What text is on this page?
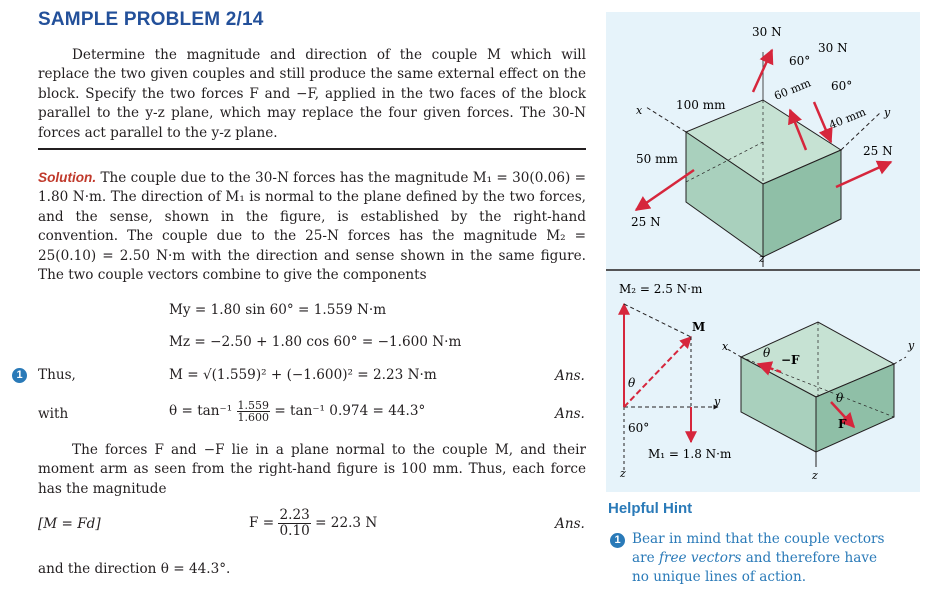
SAMPLE PROBLEM 2/14
Determine the magnitude and direction of the couple M which will replace the two given couples and still produce the same external effect on the block. Specify the two forces F and −F, applied in the two faces of the block parallel to the y-z plane, which may replace the four given forces. The 30-N forces act parallel to the y-z plane.
Solution. The couple due to the 30-N forces has the magnitude M₁ = 30(0.06) = 1.80 N·m. The direction of M₁ is normal to the plane defined by the two forces, and the sense, shown in the figure, is established by the right-hand convention. The couple due to the 25-N forces has the magnitude M₂ = 25(0.10) = 2.50 N·m with the direction and sense shown in the same figure. The two couple vectors combine to give the components
My = 1.80 sin 60° = 1.559 N·m
Mz = −2.50 + 1.80 cos 60° = −1.600 N·m
1	Thus,	M = √(1.559)² + (−1.600)² = 2.23 N·m	Ans.
with	$\theta = \tan^{-1} \frac{1.559}{1.600} = \tan^{-1}$ 0.974 = 44.3°	Ans.
The forces F and −F lie in a plane normal to the couple M, and their moment arm as seen from the right-hand figure is 100 mm. Thus, each force has the magnitude
[M = Fd]	$F = \frac{2.23}{0.10} = 22.3$ N	Ans.
and the direction θ = 44.3°.
30 N
30 N
60°
60°
60 mm
100 mm
40 mm
50 mm
25 N
25 N
x	y
z
M₂ = 2.5 N·m
M
θ
60°
y
z
M₁ = 1.8 N·m
x	y
z
θ −F
θ
F
Helpful Hint
1 Bear in mind that the couple vectors are free vectors and therefore have no unique lines of action.
